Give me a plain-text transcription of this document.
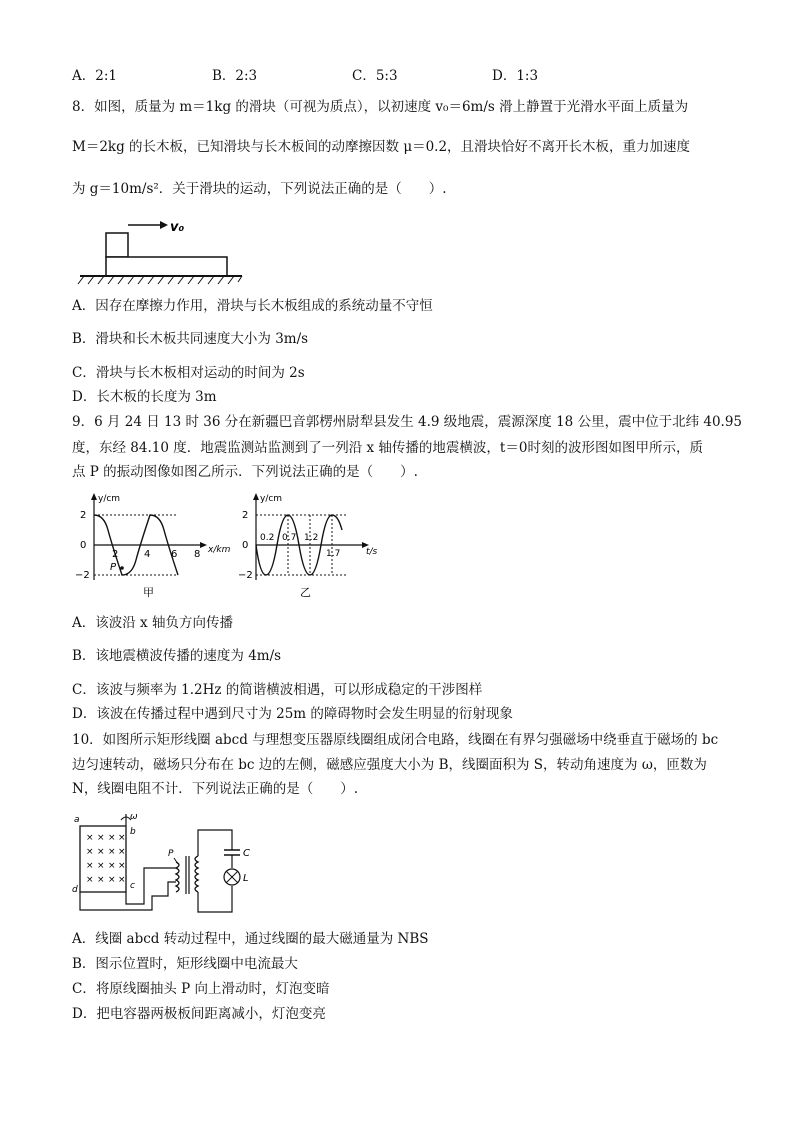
A．2:1	B．2:3	C．5:3	D．1:3
8．如图，质量为 m＝1kg 的滑块（可视为质点），以初速度 v₀＝6m/s 滑上静置于光滑水平面上质量为
M＝2kg 的长木板，已知滑块与长木板间的动摩擦因数 μ＝0.2，且滑块恰好不离开长木板，重力加速度
为 g＝10m/s²．关于滑块的运动，下列说法正确的是（　　）.
v₀
A．因存在摩擦力作用，滑块与长木板组成的系统动量不守恒
B．滑块和长木板共同速度大小为 3m/s
C．滑块与长木板相对运动的时间为 2s
D．长木板的长度为 3m
9．6 月 24 日 13 时 36 分在新疆巴音郭楞州尉犁县发生 4.9 级地震，震源深度 18 公里，震中位于北纬 40.95
度，东经 84.10 度．地震监测站监测到了一列沿 x 轴传播的地震横波，t＝0时刻的波形图如图甲所示，质
点 P 的振动图像如图乙所示．下列说法正确的是（　　）.
y/cm
x/km
2
0
−2
2	4 6 8
P
甲
y/cm
t/s
2
0
−2
0.2 0.7 1.2
1.7
乙
A．该波沿 x 轴负方向传播
B．该地震横波传播的速度为 4m/s
C．该波与频率为 1.2Hz 的简谐横波相遇，可以形成稳定的干涉图样
D．该波在传播过程中遇到尺寸为 25m 的障碍物时会发生明显的衍射现象
10．如图所示矩形线圈 abcd 与理想变压器原线圈组成闭合电路，线圈在有界匀强磁场中绕垂直于磁场的 bc
边匀速转动，磁场只分布在 bc 边的左侧，磁感应强度大小为 B，线圈面积为 S，转动角速度为 ω，匝数为
N，线圈电阻不计．下列说法正确的是（　　）.
a
b
c
d
× × × ×
× × × ×
× × × ×
× × × ×
ω
P	C
L
A．线圈 abcd 转动过程中，通过线圈的最大磁通量为 NBS
B．图示位置时，矩形线圈中电流最大
C．将原线圈抽头 P 向上滑动时，灯泡变暗
D．把电容器两极板间距离减小，灯泡变亮
